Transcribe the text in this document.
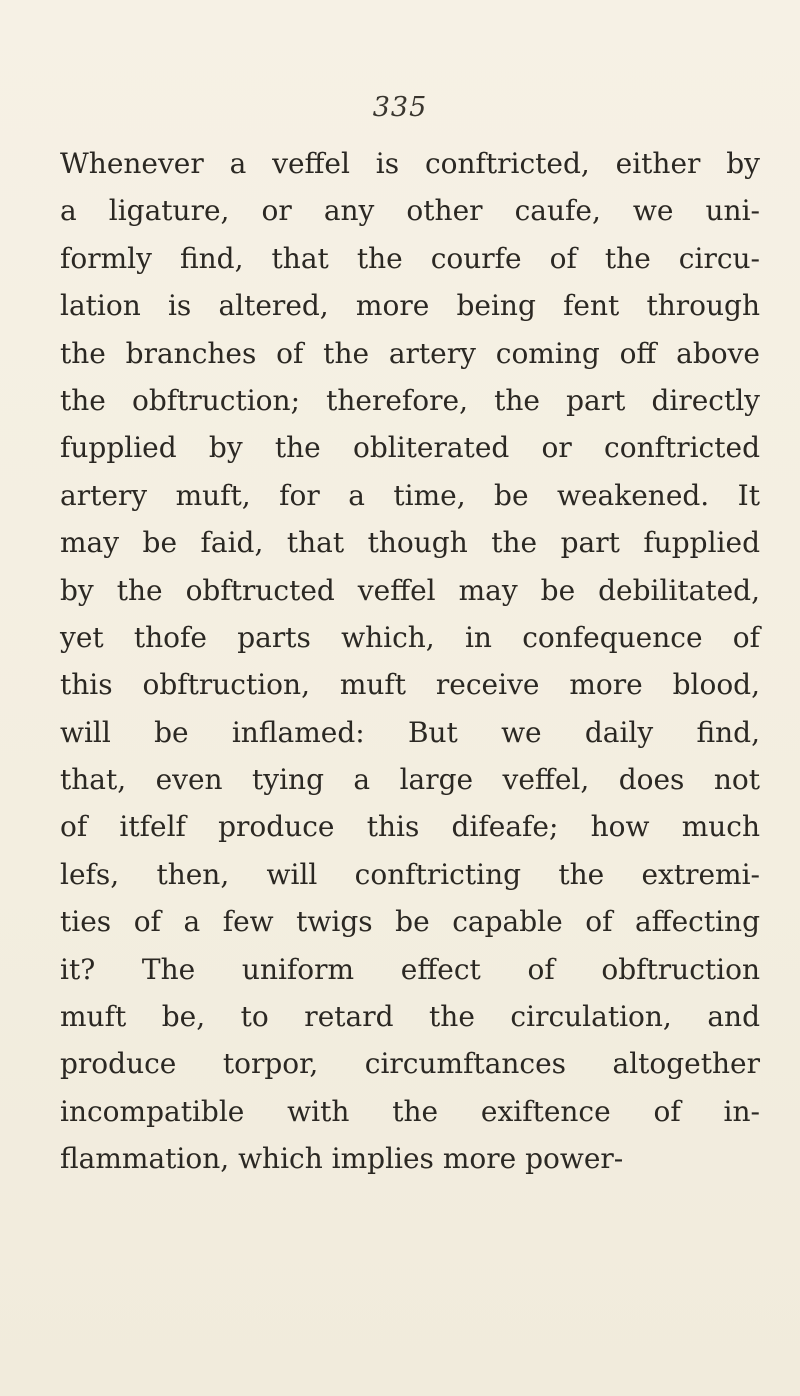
335
Whenever a veffel is conftricted, either by
a ligature, or any other caufe, we uni-
formly find, that the courfe of the circu-
lation is altered, more being fent through
the branches of the artery coming off above
the obftruction; therefore, the part directly
fupplied by the obliterated or conftricted
artery muft, for a time, be weakened. It
may be faid, that though the part fupplied
by the obftructed veffel may be debilitated,
yet thofe parts which, in confequence of
this obftruction, muft receive more blood,
will be inflamed: But we daily find,
that, even tying a large veffel, does not
of itfelf produce this difeafe; how much
lefs, then, will conftricting the extremi-
ties of a few twigs be capable of affecting
it? The uniform effect of obftruction
muft be, to retard the circulation, and
produce torpor, circumftances altogether
incompatible with the exiftence of in-
flammation, which implies more power-
